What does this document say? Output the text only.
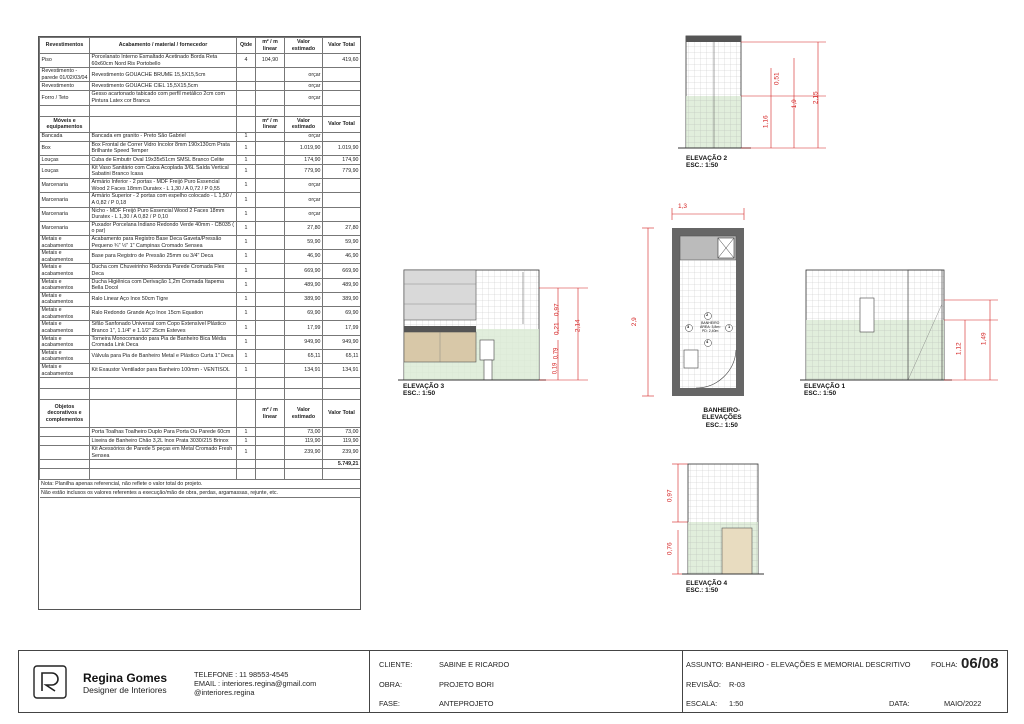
Revestimentos	Acabamento / material / fornecedor	Qtde	m² / m linear	Valor estimado	Valor Total
Piso	Porcelanato Interno Esmaltado Acetinado Borda Reta 60x60cm Nord Ris Portobello	4	104,90		419,60
Revestimento - parede 01/02/03/04	Revestimento GOUACHE BRUME 15,5X15,5cm			orçar	
Revestimento	Revestimento GOUACHE CIEL 15,5X15,5cm			orçar	
Forro / Teto	Gesso acartonado tabicado com perfil metálico 2cm com Pintura Latex cor Branca			orçar	

Móveis e equipamentos			m² / m linear	Valor estimado	Valor Total
Bancada	Bancada em granito - Preto São Gabriel	1		orçar	
Box	Box Frontal de Correr Vidro Incolor 8mm 190x130cm Prata Brilhante Speed Temper	1		1.019,90	1.019,90
Louças	Cuba de Embutir Oval 19x35x51cm SMSL Branco Celite	1		174,90	174,90
Louças	Kit Vaso Sanitário com Caixa Acoplada 3/6L Saída Vertical Sabatini Branco Icasa	1		779,90	779,90
Marcenaria	Armário Inferior - 2 portas - MDF Freijó Puro Essencial Wood 2 Faces 18mm Duratex - L 1,30 / A 0,72 / P 0,55	1		orçar	
Marcenaria	Armário Superior - 2 portas com espelho colocado - L 1,50 / A 0,82 / P 0,18	1		orçar	
Marcenaria	Nicho - MDF Freijó Puro Essencial Wood 2 Faces 18mm Duratex - L 1,30 / A 0,82 / P 0,10	1		orçar	
Marcenaria	Puxador Porcelana Indiano Redondo Verde 40mm - CB035 ( o par)	1		27,80	27,80
Metais e acabamentos	Acabamento para Registro Base Deca Gaveta/Pressão Pequeno ¾" ½" 1" Campinas Cromado Sensea	1		59,90	59,90
Metais e acabamentos	Base para Registro de Pressão 25mm ou 3/4" Deca	1		46,90	46,90
Metais e acabamentos	Ducha com Chuveirinho Redonda Parede Cromada Flex Deca	1		669,90	669,90
Metais e acabamentos	Ducha Higiênica com Derivação 1,2m Cromada Itapema Bella Docol	1		489,90	489,90
Metais e acabamentos	Ralo Linear Aço Inox 50cm Tigre	1		389,90	389,90
Metais e acabamentos	Ralo Redondo Grande Aço Inox 15cm Equation	1		69,90	69,90
Metais e acabamentos	Sifão Sanfonado Universal com Copo Extensível Plástico Branco 1", 1.1/4" e 1.1/2" 25cm Esteves	1		17,99	17,99
Metais e acabamentos	Torneira Monocomando para Pia de Banheiro Bica Média Cromada Link Deca	1		949,90	949,90
Metais e acabamentos	Válvula para Pia de Banheiro Metal e Plástico Curta 1" Deca	1		65,11	65,11
Metais e acabamentos	Kit Exaustor Ventilador para Banheiro 100mm - VENTISOL	1		134,91	134,91

Objetos decorativos e complementos			m² / m linear	Valor estimado	Valor Total
	Porta Toalhas Toalheiro Duplo Para Porta Ou Parede 60cm	1		73,00	73,00
	Lixeira de Banheiro Chão 3,2L Inox Prata 3030/215 Brinox	1		119,90	119,90
	Kit Acessórios de Parede 5 peças em Metal Cromado Fresh Sensea	1		239,90	239,90
					5.749,21

Nota: Planilha apenas referencial, não reflete o valor total do projeto.					
Não estão inclusos os valores referentes a execução/mão de obra, perdas, argamassas, rejunte, etc.					
0,51
1,16
1,9 2,15
ELEVAÇÃO 2
ESC.: 1:50
0,97
0,21 2,14
0,19
0,79
ELEVAÇÃO 3
ESC.: 1:50
1,3
2,9
2
3	1
4
BANHEIRO
ÁREA: 3,8m²
PD: 2,40m
BANHEIRO-
ELEVAÇÕES
ESC.: 1:50
1,12
1,49
ELEVAÇÃO 1
ESC.: 1:50
0,97
0,76
ELEVAÇÃO 4
ESC.: 1:50
Regina Gomes
Designer de Interiores
TELEFONE : 11 98553-4545
EMAIL : interiores.regina@gmail.com
@interiores.regina
CLIENTE:	SABINE E RICARDO
OBRA:	PROJETO BORI
FASE:	ANTEPROJETO
ASSUNTO: BANHEIRO - ELEVAÇÕES E MEMORIAL DESCRITIVO	FOLHA: 06/08
REVISÃO: R-03
ESCALA: 1:50	DATA:	MAIO/2022
